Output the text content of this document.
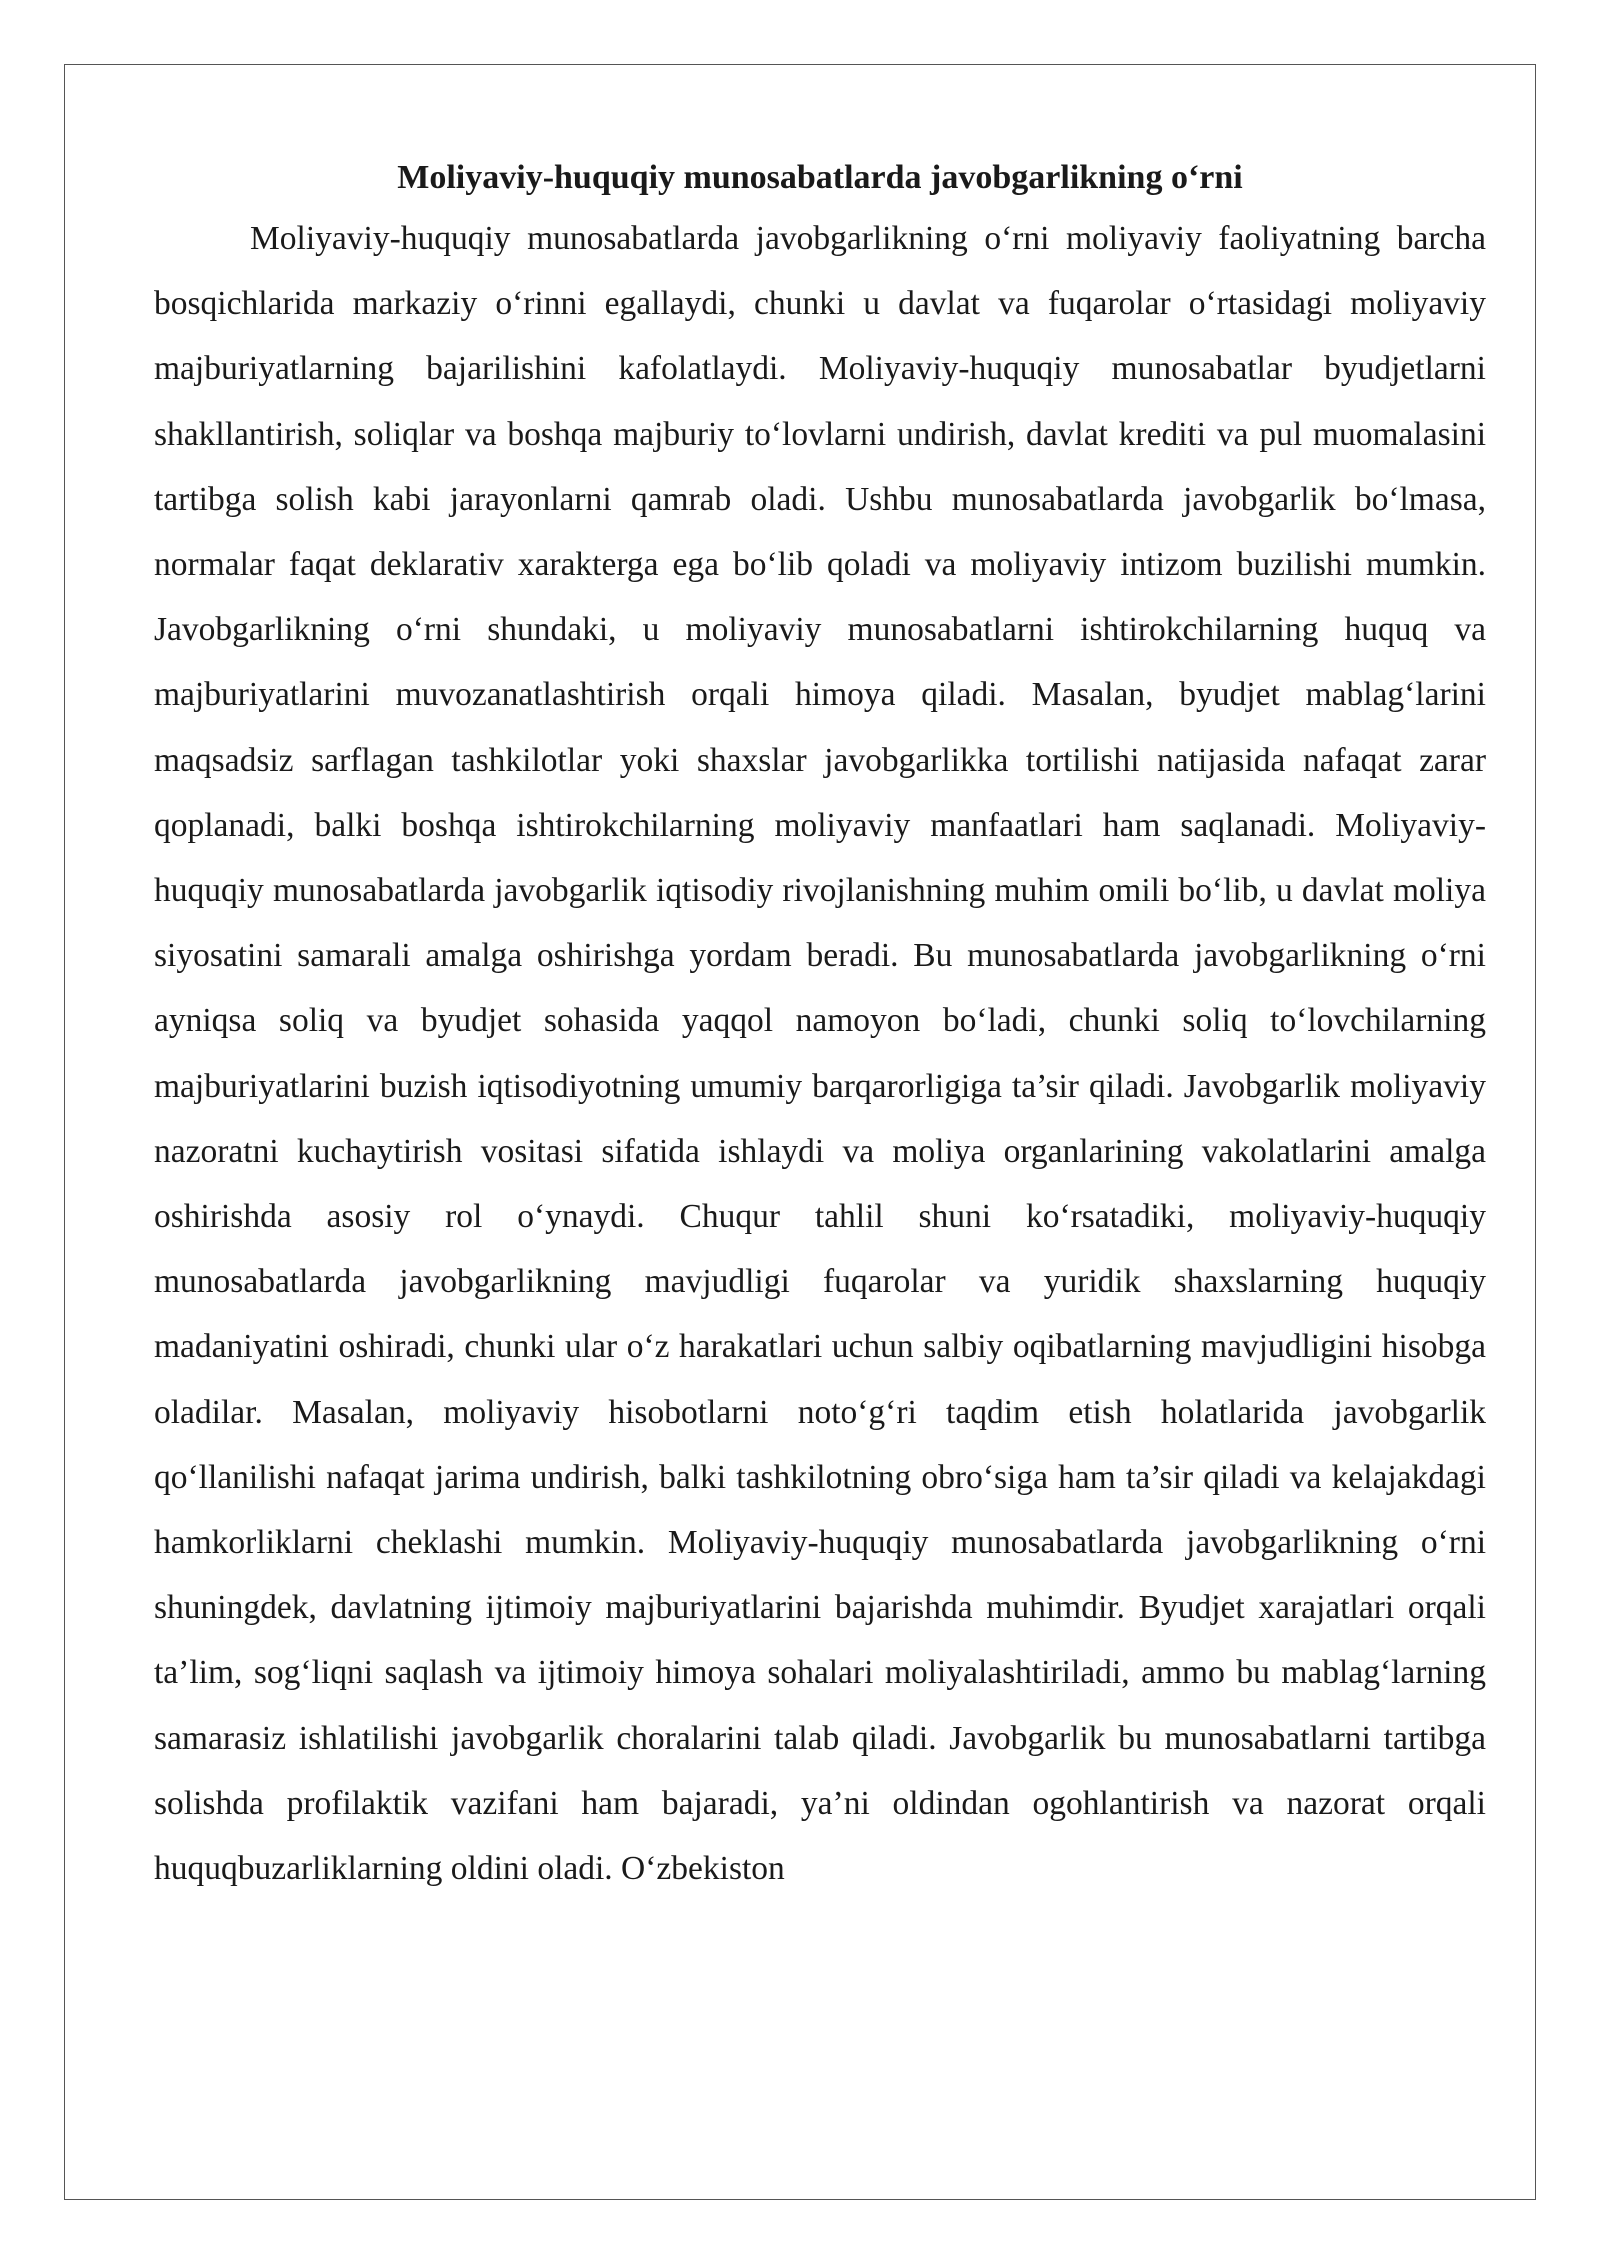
Moliyaviy-huquqiy munosabatlarda javobgarlikning o‘rni

Moliyaviy-huquqiy munosabatlarda javobgarlikning o‘rni moliyaviy faoliyatning barcha bosqichlarida markaziy o‘rinni egallaydi, chunki u davlat va fuqarolar o‘rtasidagi moliyaviy majburiyatlarning bajarilishini kafolatlaydi. Moliyaviy-huquqiy munosabatlar byudjetlarni shakllantirish, soliqlar va boshqa majburiy to‘lovlarni undirish, davlat krediti va pul muomalasini tartibga solish kabi jarayonlarni qamrab oladi. Ushbu munosabatlarda javobgarlik bo‘lmasa, normalar faqat deklarativ xarakterga ega bo‘lib qoladi va moliyaviy intizom buzilishi mumkin. Javobgarlikning o‘rni shundaki, u moliyaviy munosabatlarni ishtirokchilarning huquq va majburiyatlarini muvozanatlashtirish orqali himoya qiladi. Masalan, byudjet mablag‘larini maqsadsiz sarflagan tashkilotlar yoki shaxslar javobgarlikka tortilishi natijasida nafaqat zarar qoplanadi, balki boshqa ishtirokchilarning moliyaviy manfaatlari ham saqlanadi. Moliyaviy-huquqiy munosabatlarda javobgarlik iqtisodiy rivojlanishning muhim omili bo‘lib, u davlat moliya siyosatini samarali amalga oshirishga yordam beradi. Bu munosabatlarda javobgarlikning o‘rni ayniqsa soliq va byudjet sohasida yaqqol namoyon bo‘ladi, chunki soliq to‘lovchilarning majburiyatlarini buzish iqtisodiyotning umumiy barqarorligiga ta’sir qiladi. Javobgarlik moliyaviy nazoratni kuchaytirish vositasi sifatida ishlaydi va moliya organlarining vakolatlarini amalga oshirishda asosiy rol o‘ynaydi. Chuqur tahlil shuni ko‘rsatadiki, moliyaviy-huquqiy munosabatlarda javobgarlikning mavjudligi fuqarolar va yuridik shaxslarning huquqiy madaniyatini oshiradi, chunki ular o‘z harakatlari uchun salbiy oqibatlarning mavjudligini hisobga oladilar. Masalan, moliyaviy hisobotlarni noto‘g‘ri taqdim etish holatlarida javobgarlik qo‘llanilishi nafaqat jarima undirish, balki tashkilotning obro‘siga ham ta’sir qiladi va kelajakdagi hamkorliklarni cheklashi mumkin. Moliyaviy-huquqiy munosabatlarda javobgarlikning o‘rni shuningdek, davlatning ijtimoiy majburiyatlarini bajarishda muhimdir. Byudjet xarajatlari orqali ta’lim, sog‘liqni saqlash va ijtimoiy himoya sohalari moliyalashtiriladi, ammo bu mablag‘larning samarasiz ishlatilishi javobgarlik choralarini talab qiladi. Javobgarlik bu munosabatlarni tartibga solishda profilaktik vazifani ham bajaradi, ya’ni oldindan ogohlantirish va nazorat orqali huquqbuzarliklarning oldini oladi. O‘zbekiston
